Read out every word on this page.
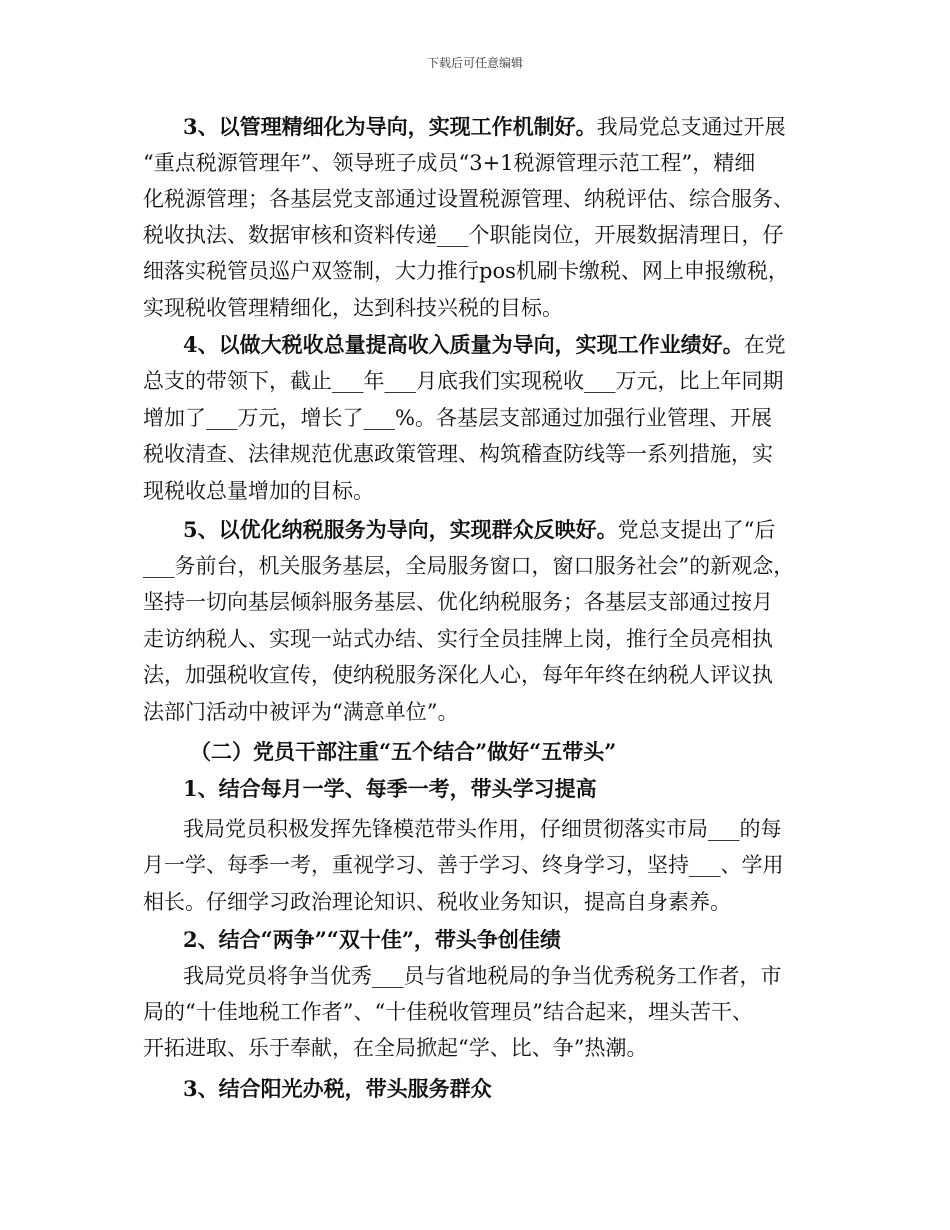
下载后可任意编辑
3、以管理精细化为导向，实现工作机制好。我局党总支通过开展
“重点税源管理年”、领导班子成员“3+1税源管理示范工程”，精细
化税源管理；各基层党支部通过设置税源管理、纳税评估、综合服务、
税收执法、数据审核和资料传递___个职能岗位，开展数据清理日，仔
细落实税管员巡户双签制，大力推行pos机刷卡缴税、网上申报缴税，
实现税收管理精细化，达到科技兴税的目标。
4、以做大税收总量提高收入质量为导向，实现工作业绩好。在党
总支的带领下，截止___年___月底我们实现税收___万元，比上年同期
增加了___万元，增长了___%。各基层支部通过加强行业管理、开展
税收清查、法律规范优惠政策管理、构筑稽查防线等一系列措施，实
现税收总量增加的目标。
5、以优化纳税服务为导向，实现群众反映好。党总支提出了“后
___务前台，机关服务基层，全局服务窗口，窗口服务社会”的新观念，
坚持一切向基层倾斜服务基层、优化纳税服务；各基层支部通过按月
走访纳税人、实现一站式办结、实行全员挂牌上岗，推行全员亮相执
法，加强税收宣传，使纳税服务深化人心，每年年终在纳税人评议执
法部门活动中被评为“满意单位”。
（二）党员干部注重“五个结合”做好“五带头”
1、结合每月一学、每季一考，带头学习提高
我局党员积极发挥先锋模范带头作用，仔细贯彻落实市局___的每
月一学、每季一考，重视学习、善于学习、终身学习，坚持___、学用
相长。仔细学习政治理论知识、税收业务知识，提高自身素养。
2、结合“两争”“双十佳”，带头争创佳绩
我局党员将争当优秀___员与省地税局的争当优秀税务工作者，市
局的“十佳地税工作者”、“十佳税收管理员”结合起来，埋头苦干、
开拓进取、乐于奉献，在全局掀起“学、比、争”热潮。
3、结合阳光办税，带头服务群众
